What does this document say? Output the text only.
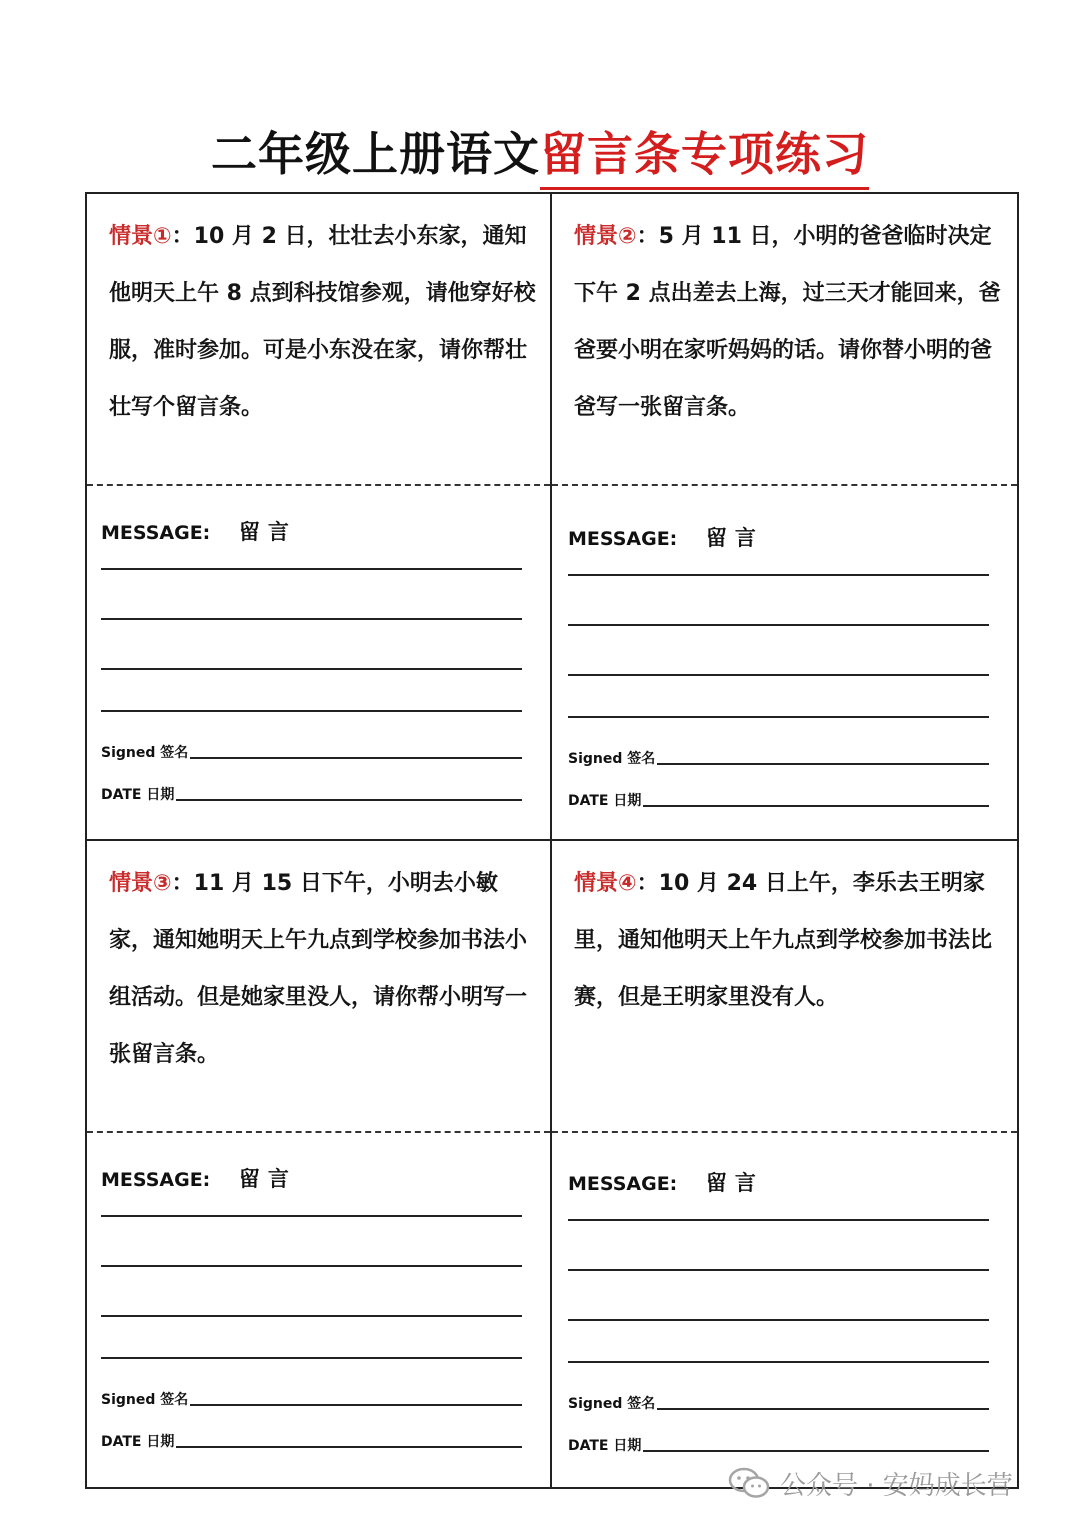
二年级上册语文留言条专项练习
情景①：10 月 2 日，壮壮去小东家，通知他明天上午 8 点到科技馆参观，请他穿好校服，准时参加。可是小东没在家，请你帮壮壮写个留言条。
MESSAGE: 留言
Signed 签名
DATE 日期
情景②：5 月 11 日，小明的爸爸临时决定下午 2 点出差去上海，过三天才能回来，爸爸要小明在家听妈妈的话。请你替小明的爸爸写一张留言条。
MESSAGE: 留言
Signed 签名
DATE 日期
情景③：11 月 15 日下午，小明去小敏家，通知她明天上午九点到学校参加书法小组活动。但是她家里没人，请你帮小明写一张留言条。
MESSAGE: 留言
Signed 签名
DATE 日期
情景④：10 月 24 日上午，李乐去王明家里，通知他明天上午九点到学校参加书法比赛，但是王明家里没有人。
MESSAGE: 留言
Signed 签名
DATE 日期
公众号 · 安妈成长营
